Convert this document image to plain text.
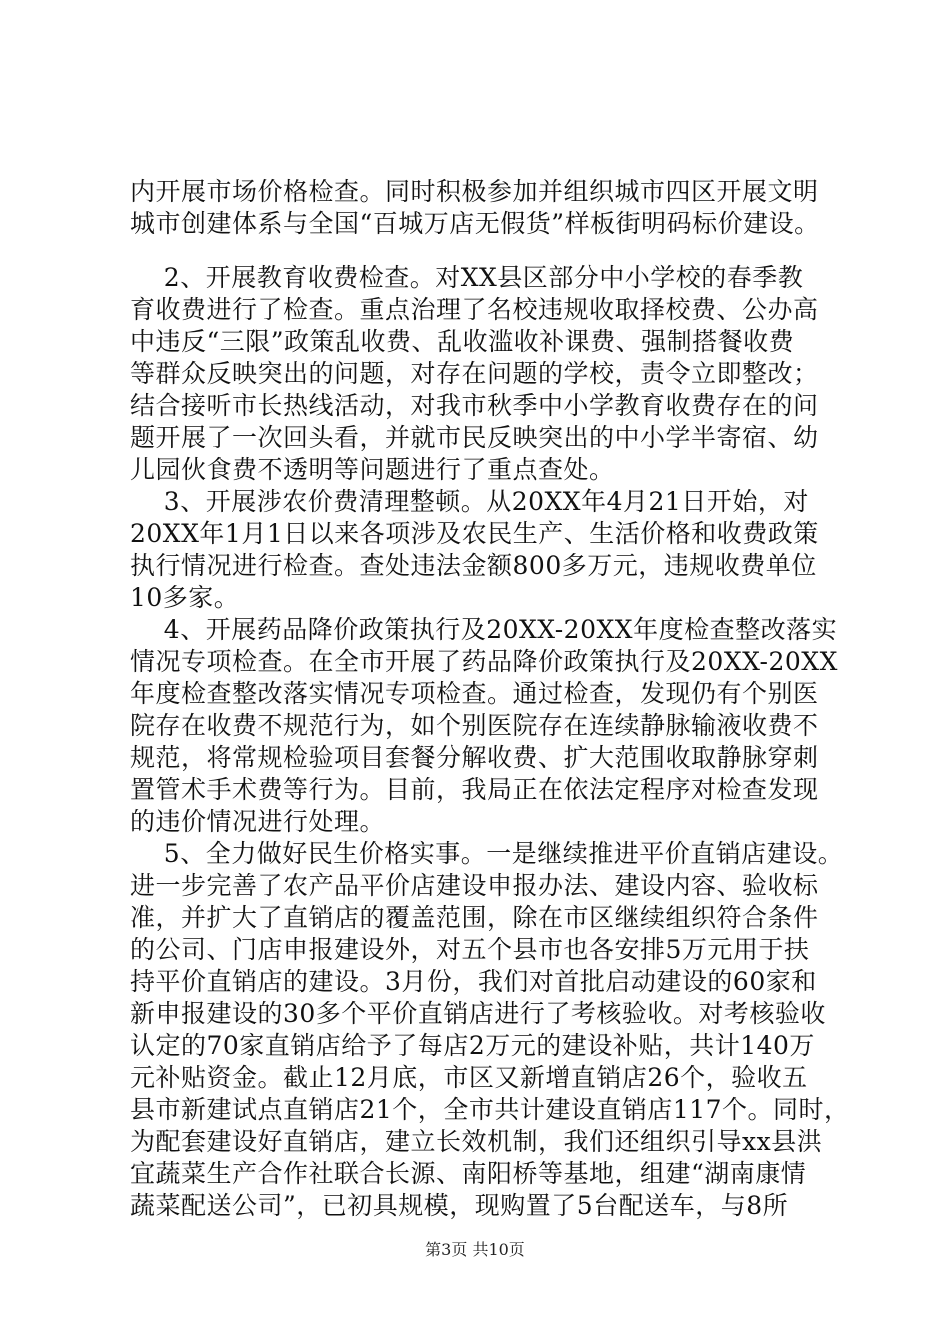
内开展市场价格检查。同时积极参加并组织城市四区开展文明
城市创建体系与全国“百城万店无假货”样板街明码标价建设。
2、开展教育收费检查。对XX县区部分中小学校的春季教
育收费进行了检查。重点治理了名校违规收取择校费、公办高
中违反“三限”政策乱收费、乱收滥收补课费、强制搭餐收费
等群众反映突出的问题，对存在问题的学校，责令立即整改；
结合接听市长热线活动，对我市秋季中小学教育收费存在的问
题开展了一次回头看，并就市民反映突出的中小学半寄宿、幼
儿园伙食费不透明等问题进行了重点查处。
3、开展涉农价费清理整顿。从20XX年4月21日开始，对
20XX年1月1日以来各项涉及农民生产、生活价格和收费政策
执行情况进行检查。查处违法金额800多万元，违规收费单位
10多家。
4、开展药品降价政策执行及20XX-20XX年度检查整改落实
情况专项检查。在全市开展了药品降价政策执行及20XX-20XX
年度检查整改落实情况专项检查。通过检查，发现仍有个别医
院存在收费不规范行为，如个别医院存在连续静脉输液收费不
规范，将常规检验项目套餐分解收费、扩大范围收取静脉穿刺
置管术手术费等行为。目前，我局正在依法定程序对检查发现
的违价情况进行处理。
5、全力做好民生价格实事。一是继续推进平价直销店建设。
进一步完善了农产品平价店建设申报办法、建设内容、验收标
准，并扩大了直销店的覆盖范围，除在市区继续组织符合条件
的公司、门店申报建设外，对五个县市也各安排5万元用于扶
持平价直销店的建设。3月份，我们对首批启动建设的60家和
新申报建设的30多个平价直销店进行了考核验收。对考核验收
认定的70家直销店给予了每店2万元的建设补贴，共计140万
元补贴资金。截止12月底，市区又新增直销店26个，验收五
县市新建试点直销店21个，全市共计建设直销店117个。同时，
为配套建设好直销店，建立长效机制，我们还组织引导xx县洪
宜蔬菜生产合作社联合长源、南阳桥等基地，组建“湖南康情
蔬菜配送公司”，已初具规模，现购置了5台配送车，与8所
第3页 共10页
